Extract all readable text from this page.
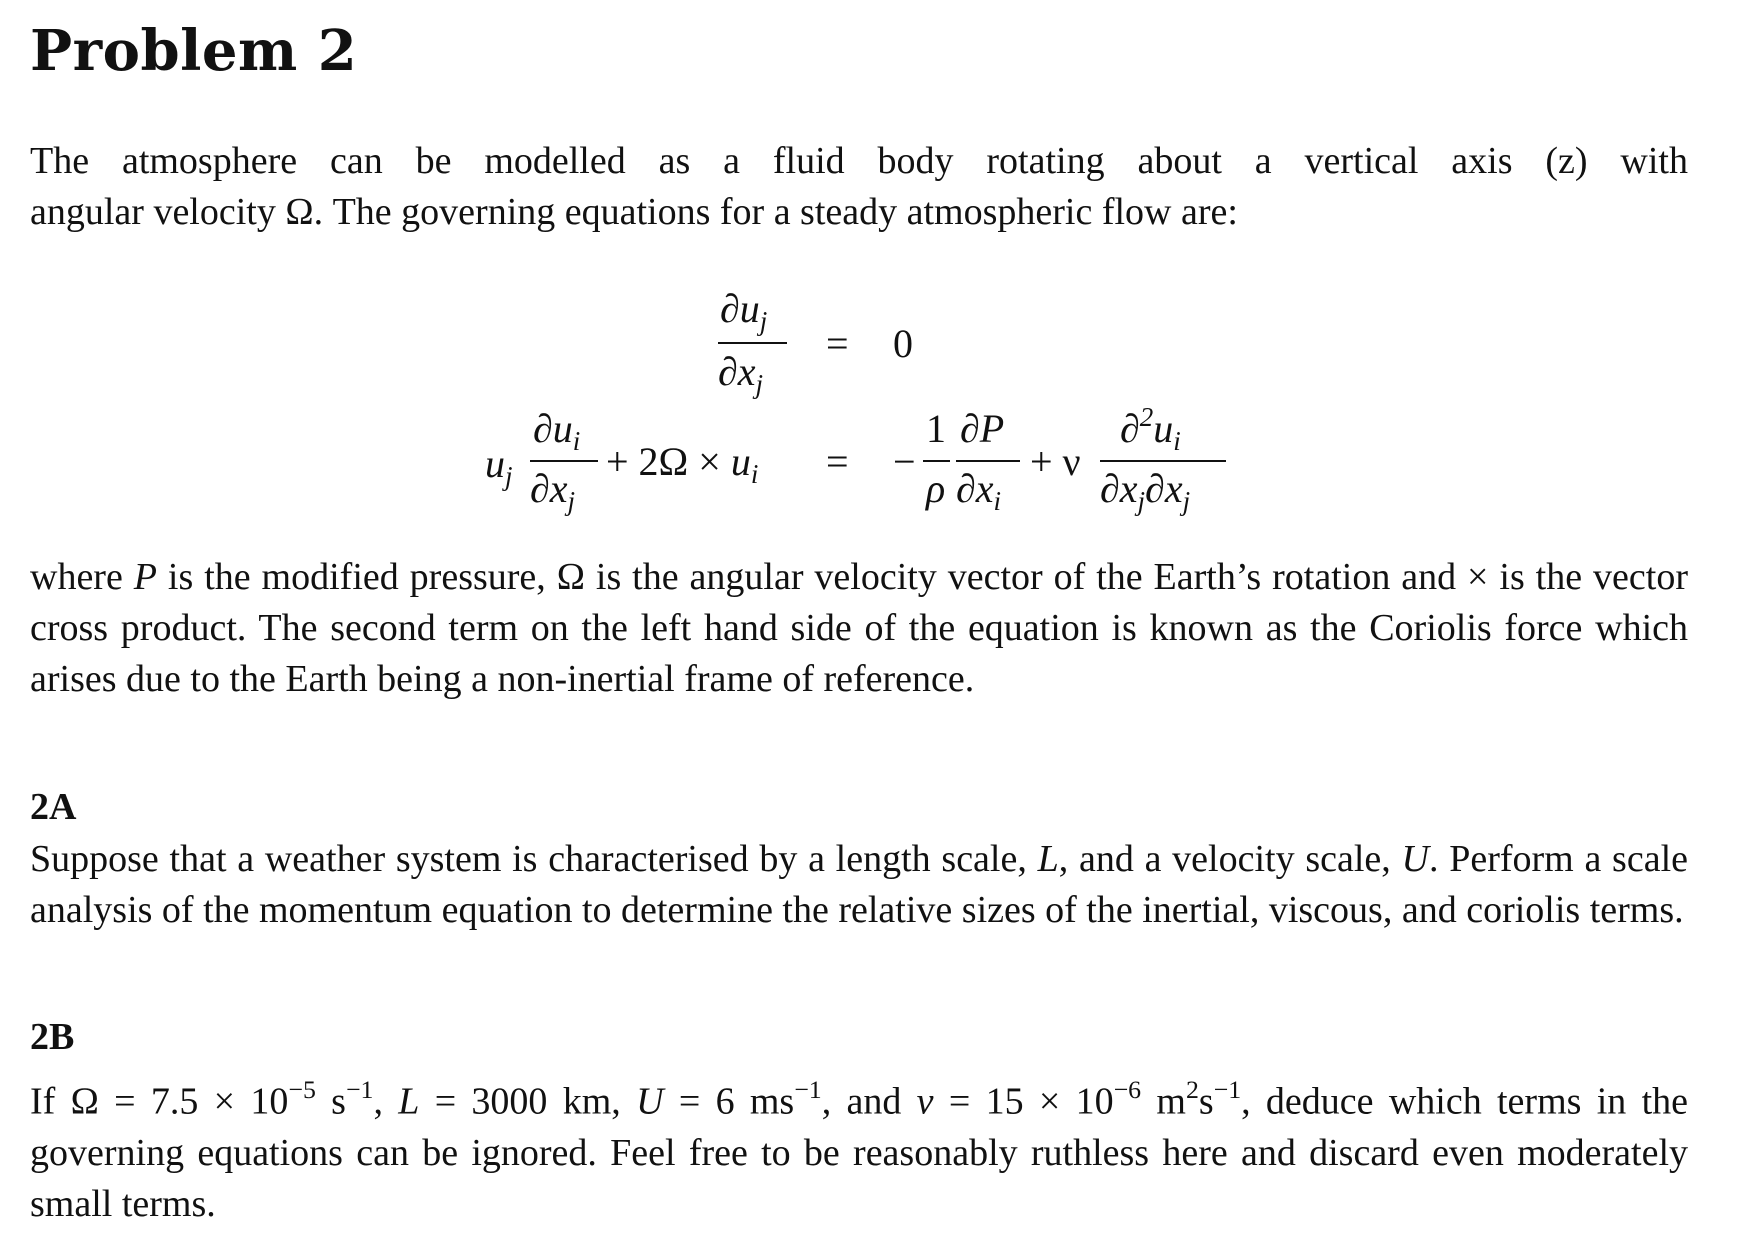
Problem 2
The atmosphere can be modelled as a fluid body rotating about a vertical axis (z) with
angular velocity Ω. The governing equations for a steady atmospheric flow are:
$\partial u_j$
$\partial x_j$
= 0
$u_j$
$\partial u_i$
$\partial x_j$
+ $2\Omega \times u_i$ = −
1
ρ
∂P
$\partial x_i$
+ ν
$\partial^2u_i$
$\partial x_j\partial x_j$
where P is the modified pressure, Ω is the angular velocity vector of the Earth’s rotation and × is the vector cross product. The second term on the left hand side of the equation is known as the Coriolis force which arises due to the Earth being a non-inertial frame of reference.
2A
Suppose that a weather system is characterised by a length scale, L, and a velocity scale, U. Perform a scale analysis of the momentum equation to determine the relative sizes of the inertial, viscous, and coriolis terms.
2B
If $\Omega = 7.5 \times 10^{-5}$ $s^{-1}$, L = 3000 km, U = 6 $ms^{-1}$, and $\nu = 15 \times 10^{-6}$ $m^2s^{-1}$, deduce which terms in the governing equations can be ignored. Feel free to be reasonably ruthless here and discard even moderately small terms.
